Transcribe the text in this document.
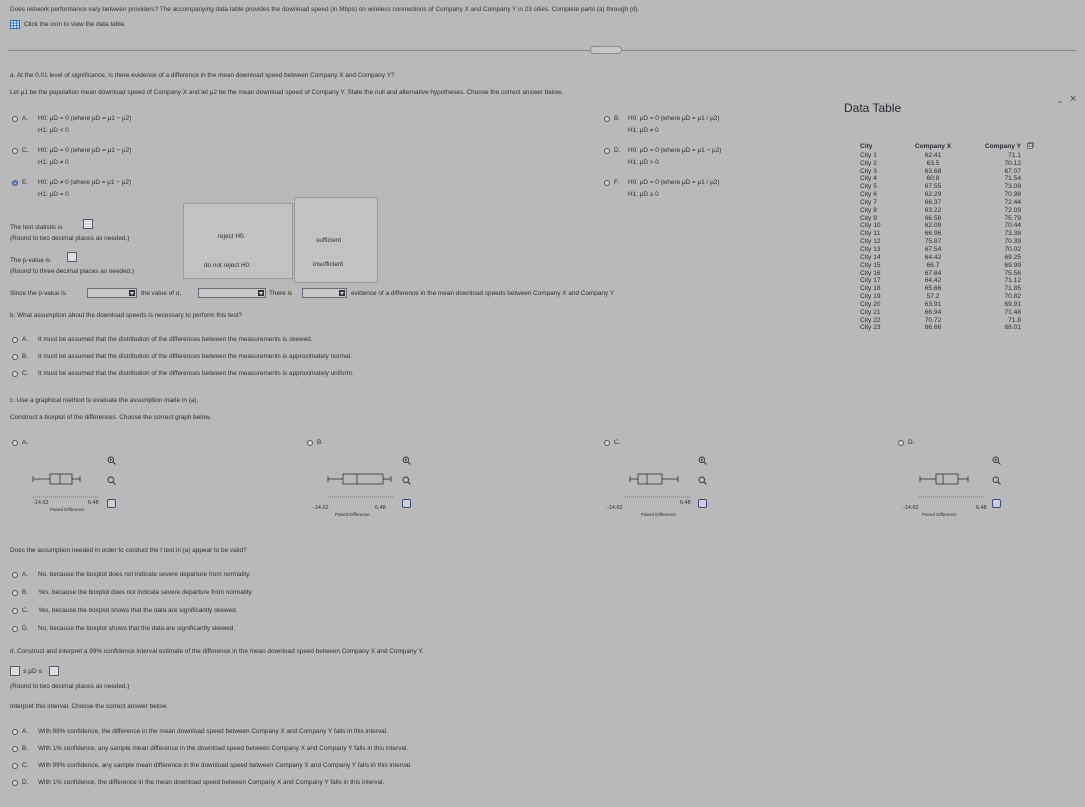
Does network performance vary between providers? The accompanying data table provides the download speed (in Mbps) on wireless connections of Company X and Company Y in 23 cities. Complete parts (a) through (d).
Click the icon to view the data table.
a. At the 0.01 level of significance, is there evidence of a difference in the mean download speed between Company X and Company Y?
Let μ1 be the population mean download speed of Company X and let μ2 be the mean download speed of Company Y. State the null and alternative hypotheses. Choose the correct answer below.
A. H0: μD = 0 (where μD = μ1 − μ2)
H1: μD < 0
B. H0: μD = 0 (where μD = μ1 / μ2)
H1: μD ≠ 0
C. H0: μD = 0 (where μD = μ1 − μ2)
H1: μD ≠ 0
D. H0: μD = 0 (where μD = μ1 − μ2)
H1: μD > 0
E. H0: μD ≠ 0 (where μD = μ1 − μ2)
H1: μD = 0
F. H0: μD = 0 (where μD = μ1 / μ2)
H1: μD ≥ 0
reject H0.
do not reject H0.
sufficient
insufficient
The test statistic is
(Round to two decimal places as needed.)
The p-value is
(Round to three decimal places as needed.)
Since the p-value is	the value of α,	There is	evidence of a difference in the mean download speeds between Company X and Company Y.
b. What assumption about the download speeds is necessary to perform this test?
A. It must be assumed that the distribution of the differences between the measurements is skewed.
B. It must be assumed that the distribution of the differences between the measurements is approximately normal.
C. It must be assumed that the distribution of the differences between the measurements is approximately uniform.
c. Use a graphical method to evaluate the assumption made in (a).
Construct a boxplot of the differences. Choose the correct graph below.
A.
-14.62	6.48
Paired Difference
B.
-14.62	6.48
Paired Difference
C.
-14.62
6.48
Paired Difference
D.
-14.62	6.48
Paired Difference
Does the assumption needed in order to conduct the t test in (a) appear to be valid?
A. No, because the boxplot does not indicate severe departure from normality.
B. Yes, because the boxplot does not indicate severe departure from normality.
C. Yes, because the boxplot shows that the data are significantly skewed.
D. No, because the boxplot shows that the data are significantly skewed.
d. Construct and interpret a 99% confidence interval estimate of the difference in the mean download speed between Company X and Company Y.
≤ μD ≤
(Round to two decimal places as needed.)
Interpret this interval. Choose the correct answer below.
A. With 99% confidence, the difference in the mean download speed between Company X and Company Y falls in this interval.
B. With 1% confidence, any sample mean difference in the download speed between Company X and Company Y falls in this interval.
C. With 99% confidence, any sample mean difference in the download speed between Company X and Company Y falls in this interval.
D. With 1% confidence, the difference in the mean download speed between Company X and Company Y falls in this interval.
Data Table	- ×
City	Company X	Company Y	
City 1	62.41	71.1	
City 2	63.5	70.12	
City 3	63.68	67.07	
City 4	60.8	71.54	
City 5	67.55	73.08	
City 6	62.29	70.98	
City 7	66.37	72.44	
City 8	63.22	72.09	
City 9	66.58	75.79	
City 10	62.09	70.44	
City 11	66.96	73.38	
City 12	75.87	70.39	
City 13	67.54	70.02	
City 14	64.42	69.25	
City 15	66.7	69.99	
City 16	67.84	75.56	
City 17	64.42	71.12	
City 18	65.66	71.85	
City 19	57.2	70.82	
City 20	63.91	69.91	
City 21	66.94	71.48	
City 22	70.72	71.8	
City 23	66.66	68.01	
